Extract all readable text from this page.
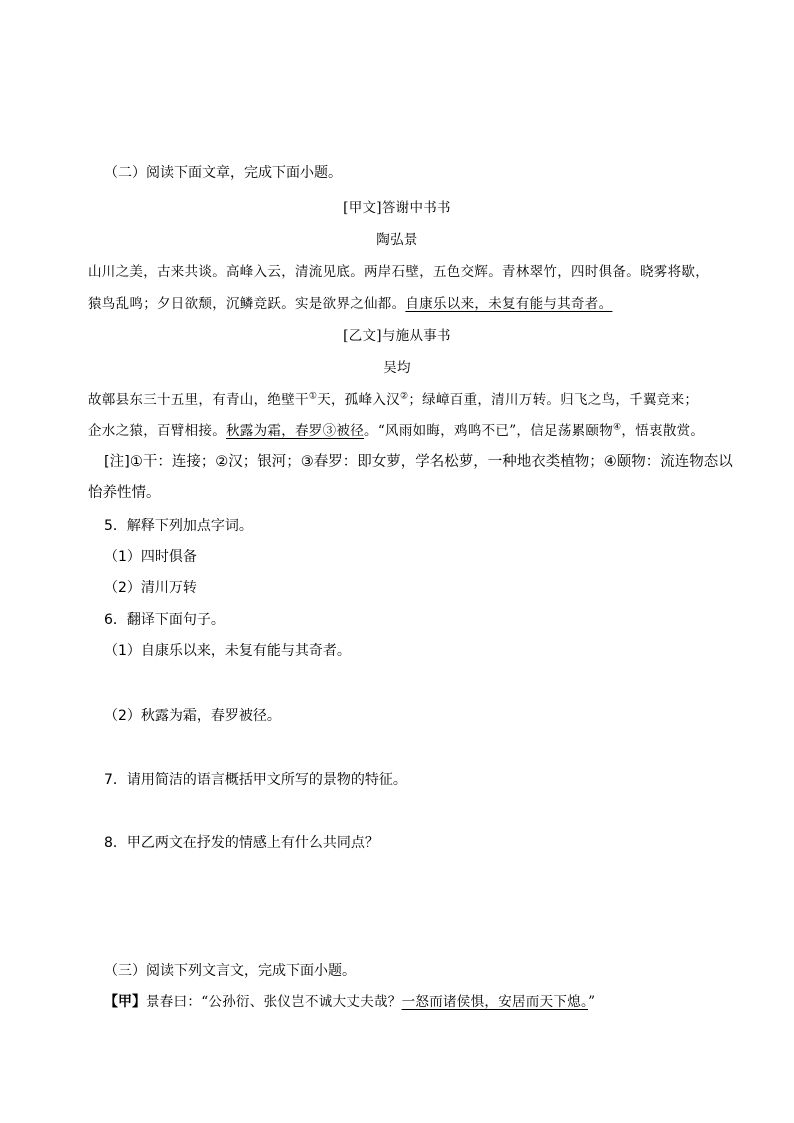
（二）阅读下面文章，完成下面小题。
[甲文]答谢中书书
陶弘景
山川之美，古来共谈。高峰入云，清流见底。两岸石壁，五色交辉。青林翠竹，四时俱备。晓雾将歇，
猿鸟乱鸣；夕日欲颓，沉鳞竞跃。实是欲界之仙都。自康乐以来，未复有能与其奇者。
[乙文]与施从事书
吴均
故鄣县东三十五里，有青山，绝壁干①天，孤峰入汉②；绿嶂百重，清川万转。归飞之鸟，千翼竞来；
企水之猿，百臂相接。秋露为霜，春罗③被径。“风雨如晦，鸡鸣不已”，信足荡累颐物④，悟衷散赏。
[注]①干：连接；②汉；银河；③春罗：即女萝，学名松萝，一种地衣类植物；④颐物：流连物态以
怡养性情。
5．解释下列加点字词。
（1）四时俱备
（2）清川万转
6．翻译下面句子。
（1）自康乐以来，未复有能与其奇者。
（2）秋露为霜，春罗被径。
7．请用简洁的语言概括甲文所写的景物的特征。
8．甲乙两文在抒发的情感上有什么共同点？
（三）阅读下列文言文，完成下面小题。
【甲】景春曰：“公孙衍、张仪岂不诚大丈夫哉？一怒而诸侯惧，安居而天下熄。”
